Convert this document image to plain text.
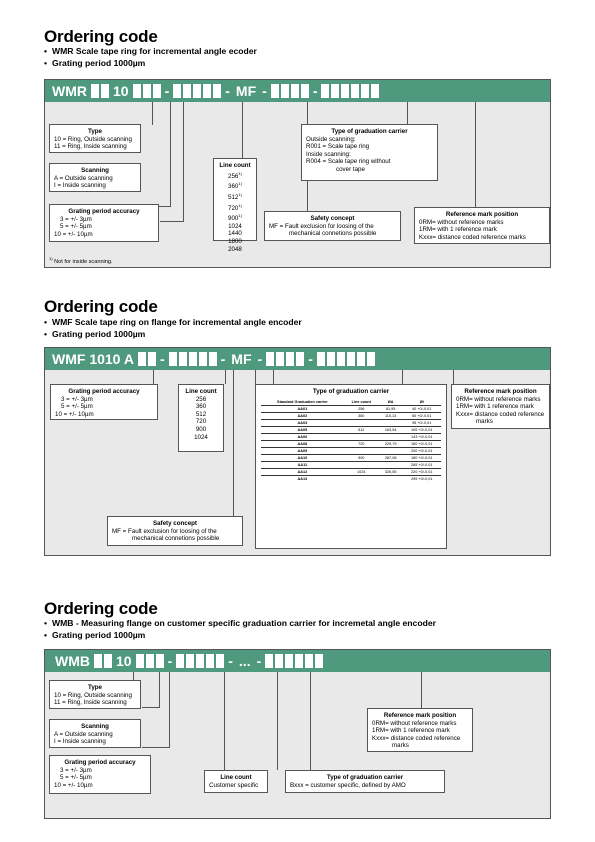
Ordering code
• WMR Scale tape ring for incremental angle ecoder
• Grating period 1000µm
WMR 10	-	- MF -	-
Type
10 = Ring, Outside scanning
11 = Ring, Inside scanning
Scanning
A = Outside scanning
I = Inside scanning
Grating period accuracy
3 = +/- 3µm
5 = +/- 5µm
10 = +/- 10µm
Line count
256$^{1)}$
360$^{1)}$
512$^{1)}$
720$^{1)}$
900$^{1)}$
1024
1440
1800
2048
Type of graduation carrier
Outside scanning:
R001 = Scale tape ring
Inside scanning:
R004 = Scale tape ring without
cover tape
Safety concept
MF = Fault exclusion for loosing of the
mechanical connetions possible
Reference mark position
0RM= without reference marks
1RM= with 1 reference mark
Kxxx= distance coded reference marks
$^{1)}$ Not for inside scanning.
Ordering code
• WMF Scale tape ring on flange for incremental angle encoder
• Grating period 1000µm
WMF 1010 A -	- MF -	-
Grating period accuracy
3 = +/- 3µm
5 = +/- 5µm
10 = +/- 10µm
Line count
256
360
512
720
900
1024
Type of graduation carrier
Standard Graduation carrier	Line count	ØA	ØI
AA01	256	81,95	40 +0/-0,01
AA02	360	115,13	60 +0/-0,01
AA03			95 +0/-0,01
AA05	512	163,54	105 +0/-0,01
AA06			143 +0/-0,01
AA08	720	229,79	160 +0/-0,01
AA09			200 +0/-0,01
AA10	900	287,08	180 +0/-0,01
AA11			265 +0/-0,01
AA12	1024	326,55	220 +0/-0,01
AA13			295 +0/-0,01
Safety concept
MF = Fault exclusion for loosing of the
mechanical connetions possible
Reference mark position
0RM= without reference marks
1RM= with 1 reference mark
Kxxx= distance coded reference
marks
Ordering code
• WMB - Measuring flange on customer specific graduation carrier for incremetal angle encoder
• Grating period 1000µm
WMB 10	-	- ... -
Type
10 = Ring, Outside scanning
11 = Ring, Inside scanning
Scanning
A = Outside scanning
I = Inside scanning
Grating period accuracy
3 = +/- 3µm
5 = +/- 5µm
10 = +/- 10µm
Line count
Customer specific
Type of graduation carrier
Bxxx = customer specific, defined by AMO
Reference mark position
0RM= without reference marks
1RM= with 1 reference mark
Kxxx= distance coded reference
marks
